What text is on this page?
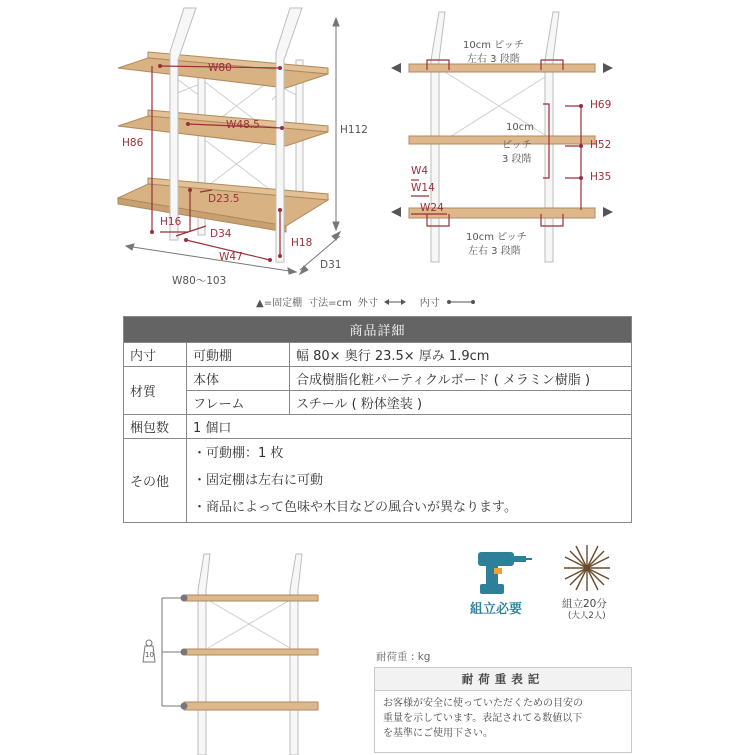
W80
W48.5
H86
H112
D23.5
H16
D34
H18
W47
W80〜103
D31
10cm ピッチ
左右 3 段階
10cm
ピッチ
3 段階
10cm ピッチ
左右 3 段階
H69
H52
H35
W4
W14
W24
▲=固定棚 寸法=cm 外寸	内寸
商品詳細		
内寸	可動棚	幅 80× 奥行 23.5× 厚み 1.9cm
材質	本体	合成樹脂化粧パーティクルボード ( メラミン樹脂 )
	フレーム	スチール ( 粉体塗装 )
梱包数	1 個口	
その他	・可動棚：1 枚
・固定棚は左右に可動
・商品によって色味や木目などの風合いが異なります。	
10
組立必要	組立20分
(大人2人)
耐荷重 : kg
耐荷重表記
お客様が安全に使っていただくための目安の
重量を示しています。表記されてる数値以下
を基準にご使用下さい。
